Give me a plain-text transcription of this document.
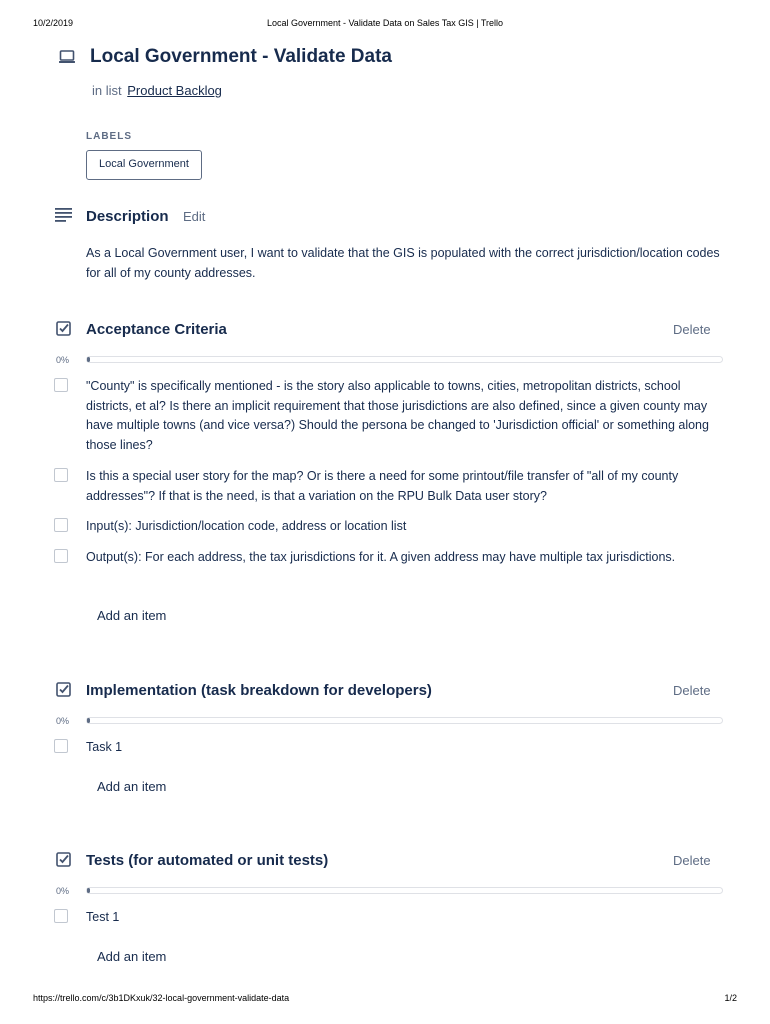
10/2/2019	Local Government - Validate Data on Sales Tax GIS | Trello
Local Government - Validate Data
in list Product Backlog
LABELS
Local Government
Description Edit
As a Local Government user, I want to validate that the GIS is populated with the correct jurisdiction/location codes for all of my county addresses.
Acceptance Criteria	Delete
0%
"County" is specifically mentioned - is the story also applicable to towns, cities, metropolitan districts, school districts, et al? Is there an implicit requirement that those jurisdictions are also defined, since a given county may have multiple towns (and vice versa?) Should the persona be changed to 'Jurisdiction official' or something along those lines?
Is this a special user story for the map? Or is there a need for some printout/file transfer of "all of my county addresses"? If that is the need, is that a variation on the RPU Bulk Data user story?
Input(s): Jurisdiction/location code, address or location list
Output(s): For each address, the tax jurisdictions for it. A given address may have multiple tax jurisdictions.
Add an item
Implementation (task breakdown for developers)	Delete
0%
Task 1
Add an item
Tests (for automated or unit tests)	Delete
0%
Test 1
Add an item
https://trello.com/c/3b1DKxuk/32-local-government-validate-data	1/2
